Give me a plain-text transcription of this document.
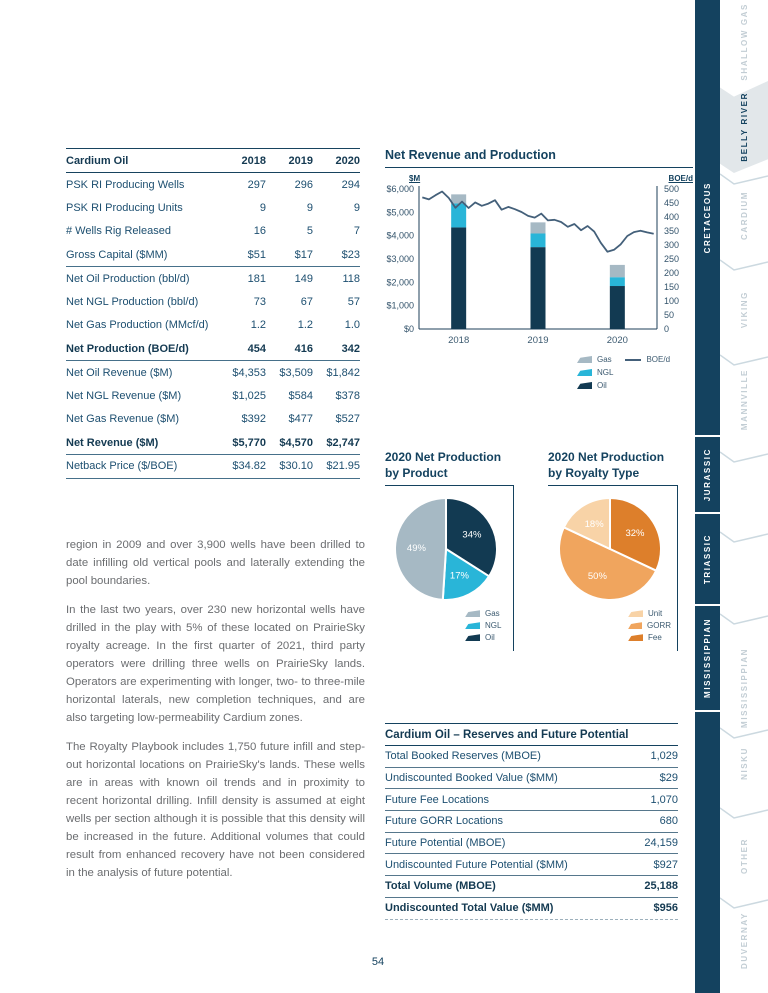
Cardium Oil	2018	2019	2020
PSK RI Producing Wells	297	296	294
PSK RI Producing Units	9	9	9
# Wells Rig Released	16	5	7
Gross Capital ($MM)	$51	$17	$23
Net Oil Production (bbl/d)	181	149	118
Net NGL Production (bbl/d)	73	67	57
Net Gas Production (MMcf/d)	1.2	1.2	1.0
Net Production (BOE/d)	454	416	342
Net Oil Revenue ($M)	$4,353	$3,509	$1,842
Net NGL Revenue ($M)	$1,025	$584	$378
Net Gas Revenue ($M)	$392	$477	$527
Net Revenue ($M)	$5,770	$4,570	$2,747
Netback Price ($/BOE)	$34.82	$30.10	$21.95

region in 2009 and over 3,900 wells have been drilled to date infilling old vertical pools and laterally extending the pool boundaries.

In the last two years, over 230 new horizontal wells have drilled in the play with 5% of these located on PrairieSky royalty acreage. In the first quarter of 2021, third party operators were drilling three wells on PrairieSky lands. Operators are experimenting with longer, two- to three-mile horizontal laterals, new completion techniques, and are also targeting low-permeability Cardium zones.

The Royalty Playbook includes 1,750 future infill and step-out horizontal locations on PrairieSky's lands. These wells are in areas with known oil trends and in proximity to recent horizontal drilling. Infill density is assumed at eight wells per section although it is possible that this density will be increased in the future. Additional volumes that could result from enhanced recovery have not been considered in the analysis of future potential.

Net Revenue and Production
$M	BOE/d
$0
$1,000
$2,000
$3,000
$4,000
$5,000
$6,000
0
50
100
150
200
250
300
350
400
450
500
2018	2019	2020
Gas
NGL
Oil
BOE/d
2020 Net Production by Product
34%
17%
49%
Gas
NGL
Oil
2020 Net Production by Royalty Type
32%
50%
18%
Unit
GORR
Fee
Cardium Oil – Reserves and Future Potential
Total Booked Reserves (MBOE)	1,029
Undiscounted Booked Value ($MM)	$29
Future Fee Locations	1,070
Future GORR Locations	680
Future Potential (MBOE)	24,159
Undiscounted Future Potential ($MM)	$927
Total Volume (MBOE)	25,188
Undiscounted Total Value ($MM)	$956
54
CRETACEOUS
JURASSIC
TRIASSIC
MISSISSIPPIAN
SHALLOW GAS
BELLY RIVER
CARDIUM
VIKING
MANNVILLE
MISSISSIPPIAN
NISKU
OTHER
DUVERNAY
